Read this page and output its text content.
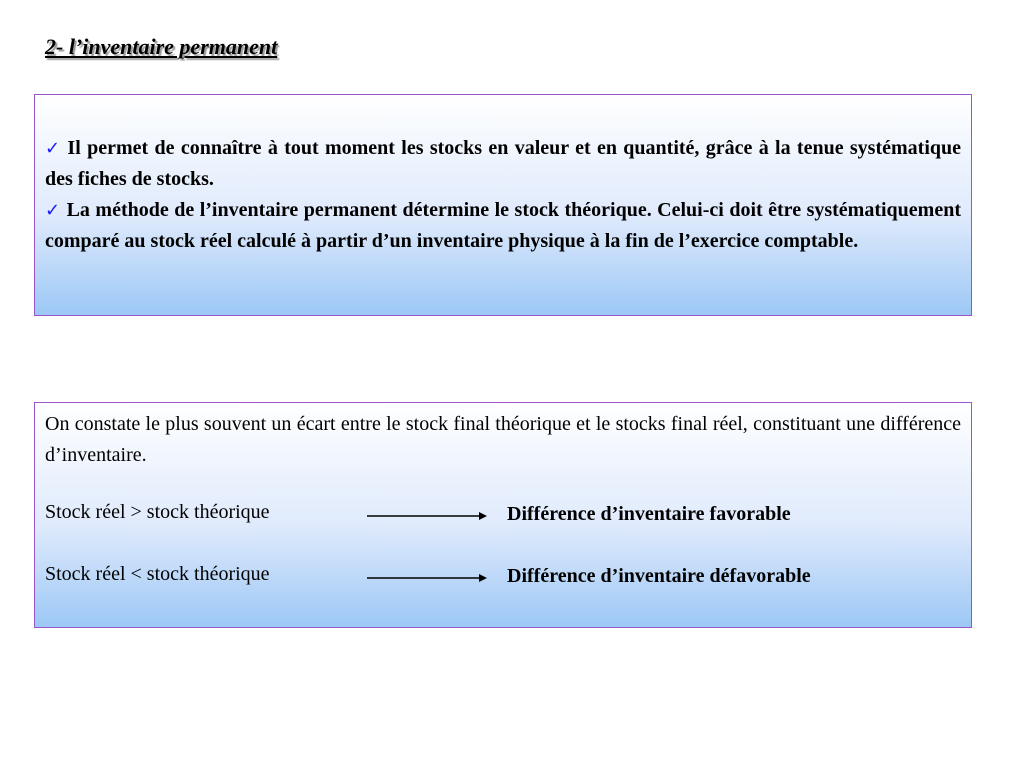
2- l’inventaire permanent

✓ Il permet de connaître à tout moment les stocks en valeur et en quantité, grâce à la tenue systématique des fiches de stocks.

✓ La méthode de l’inventaire permanent détermine le stock théorique. Celui-ci doit être systématiquement comparé au stock réel calculé à partir d’un inventaire physique à la fin de l’exercice comptable.

On constate le plus souvent un écart entre le stock final théorique et le stocks final réel, constituant une différence d’inventaire.

Stock réel > stock théorique	Différence d’inventaire favorable
Stock réel < stock théorique	Différence d’inventaire défavorable
